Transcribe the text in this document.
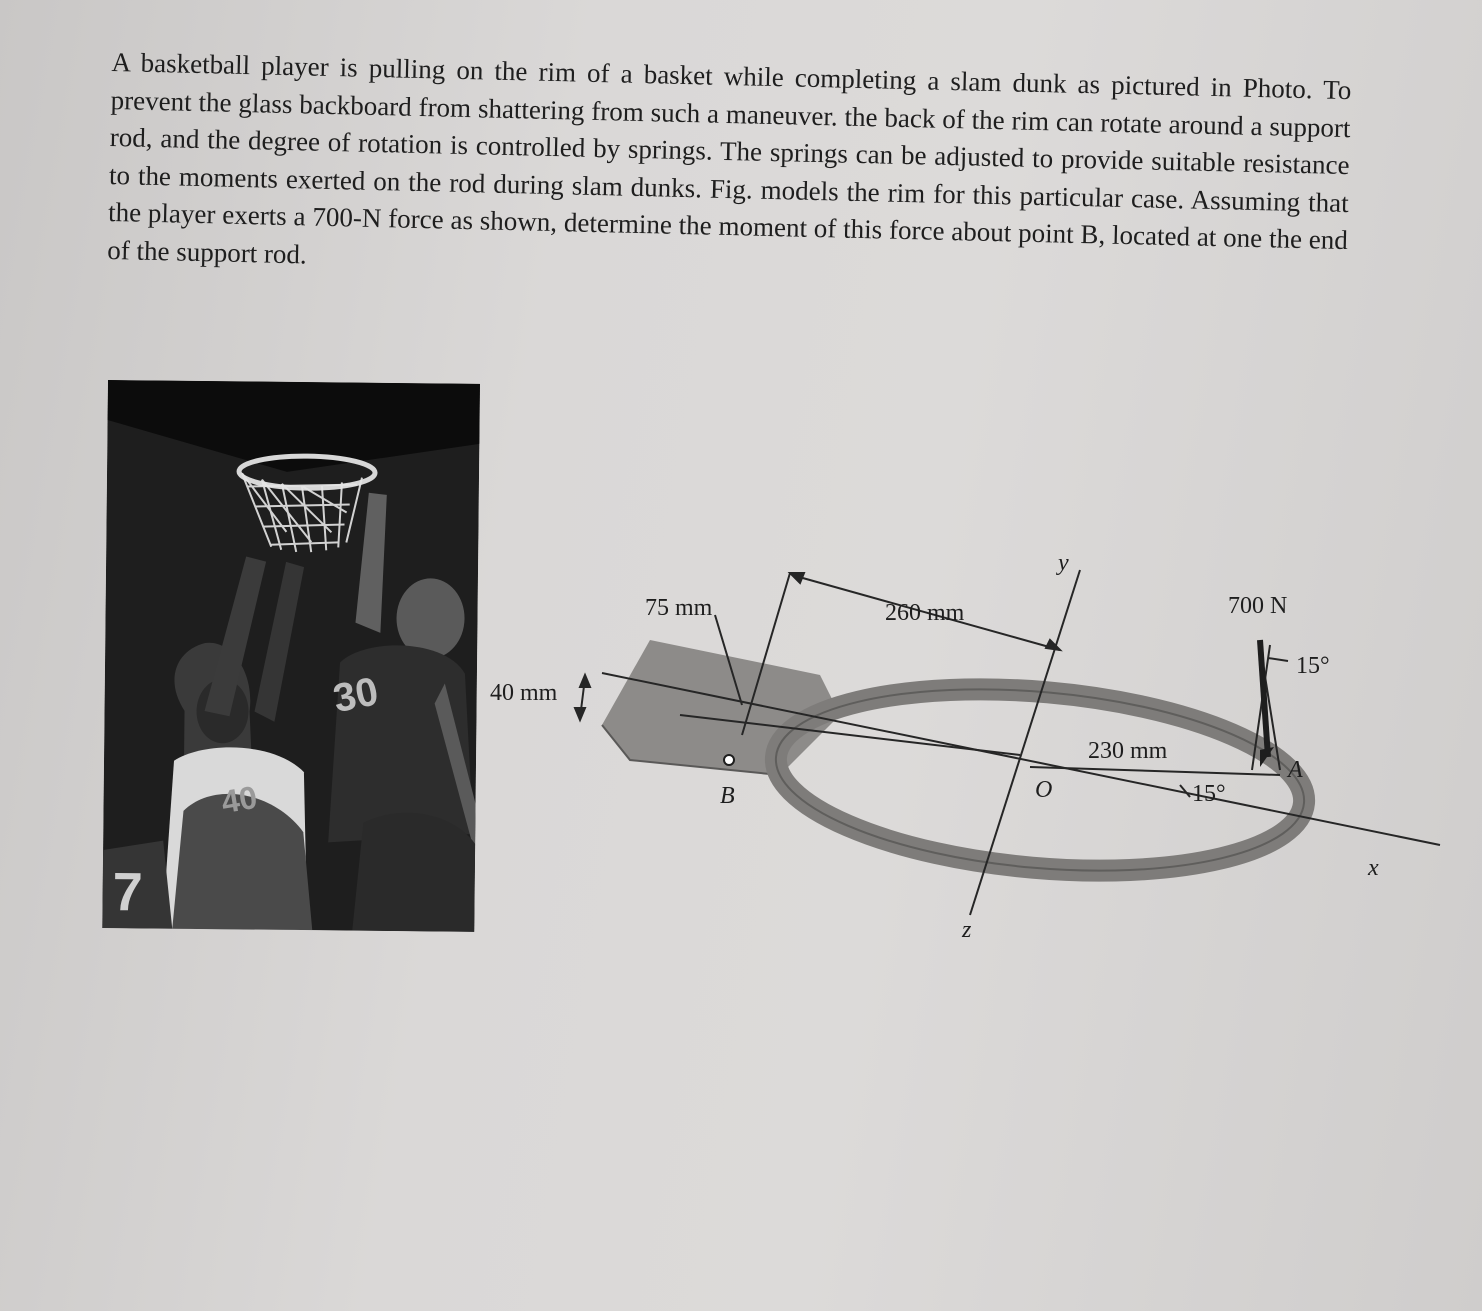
A basketball player is pulling on the rim of a basket while completing a slam dunk as pictured in Photo. To prevent the glass backboard from shattering from such a maneuver. the back of the rim can rotate around a support rod, and the degree of rotation is controlled by springs. The springs can be adjusted to provide suitable resistance to the moments exerted on the rod during slam dunks. Fig. models the rim for this particular case. Assuming that the player exerts a 700-N force as shown, determine the moment of this force about point B, located at one the end of the support rod.

30
40
7
75 mm	260 mm
40 mm
230 mm
700 N
15°
15°
B	O
A
x
y
z
